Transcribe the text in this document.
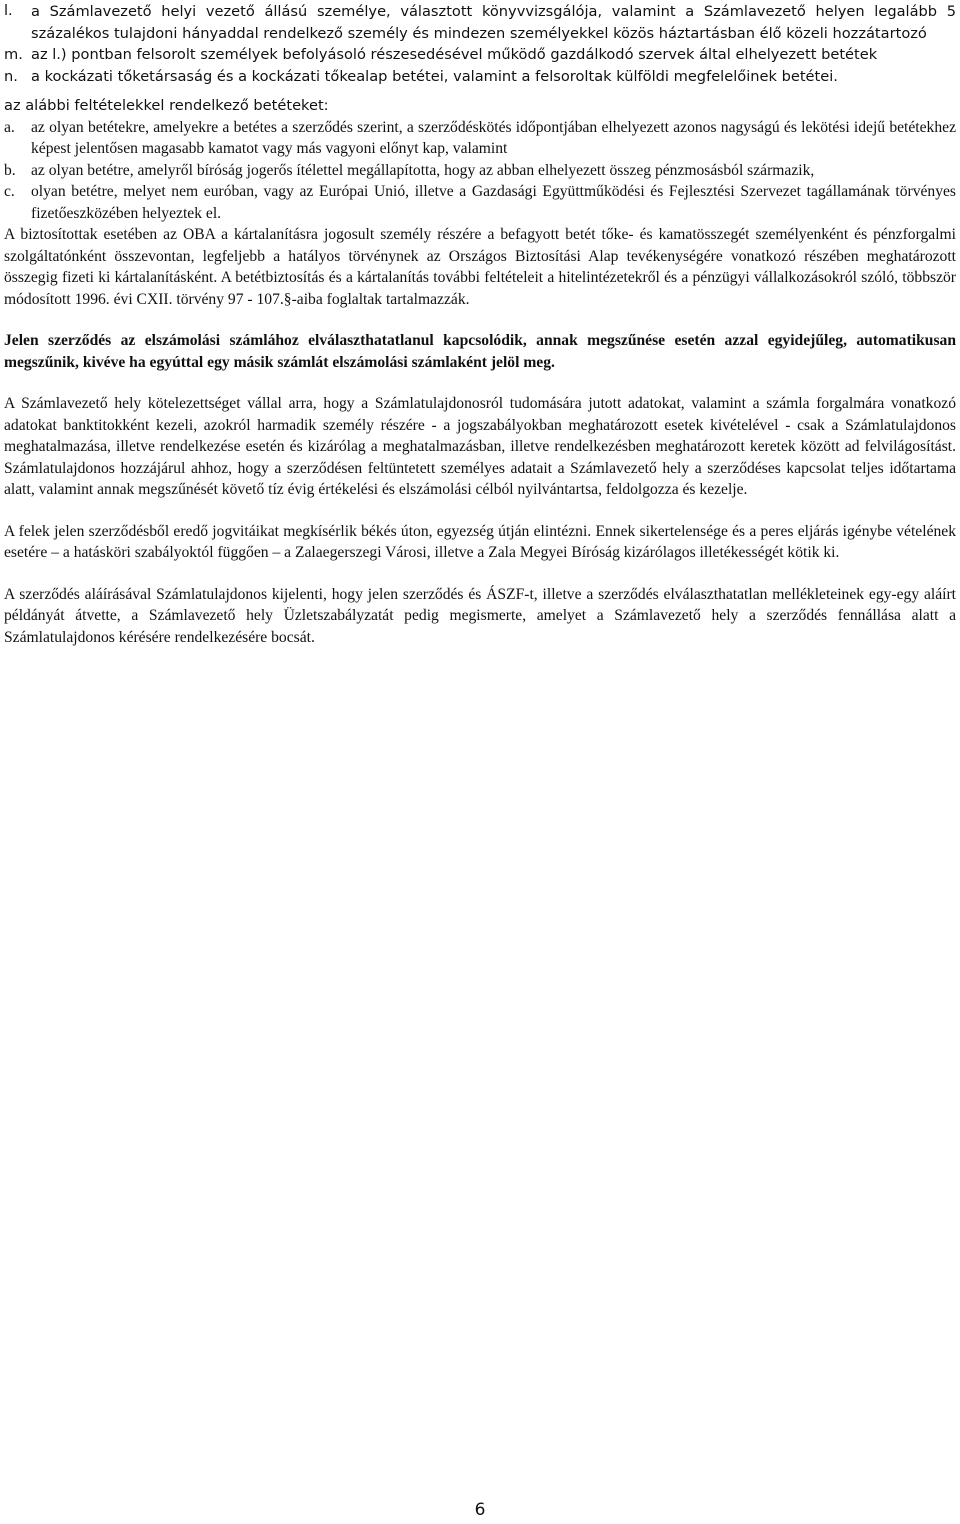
l. a Számlavezető helyi vezető állású személye, választott könyvvizsgálója, valamint a Számlavezető helyen legalább 5 százalékos tulajdoni hányaddal rendelkező személy és mindezen személyekkel közös háztartásban élő közeli hozzátartozó
m. az l.) pontban felsorolt személyek befolyásoló részesedésével működő gazdálkodó szervek által elhelyezett betétek
n. a kockázati tőketársaság és a kockázati tőkealap betétei, valamint a felsoroltak külföldi megfelelőinek betétei.
az alábbi feltételekkel rendelkező betéteket:
a. az olyan betétekre, amelyekre a betétes a szerződés szerint, a szerződéskötés időpontjában elhelyezett azonos nagyságú és lekötési idejű betétekhez képest jelentősen magasabb kamatot vagy más vagyoni előnyt kap, valamint
b. az olyan betétre, amelyről bíróság jogerős ítélettel megállapította, hogy az abban elhelyezett összeg pénzmosásból származik,
c. olyan betétre, melyet nem euróban, vagy az Európai Unió, illetve a Gazdasági Együttműködési és Fejlesztési Szervezet tagállamának törvényes fizetőeszközében helyeztek el.

A biztosítottak esetében az OBA a kártalanításra jogosult személy részére a befagyott betét tőke- és kamatösszegét személyenként és pénzforgalmi szolgáltatónként összevontan, legfeljebb a hatályos törvénynek az Országos Biztosítási Alap tevékenységére vonatkozó részében meghatározott összegig fizeti ki kártalanításként. A betétbiztosítás és a kártalanítás további feltételeit a hitelintézetekről és a pénzügyi vállalkozásokról szóló, többször módosított 1996. évi CXII. törvény 97 - 107.§-aiba foglaltak tartalmazzák.

Jelen szerződés az elszámolási számlához elválaszthatatlanul kapcsolódik, annak megszűnése esetén azzal egyidejűleg, automatikusan megszűnik, kivéve ha egyúttal egy másik számlát elszámolási számlaként jelöl meg.

A Számlavezető hely kötelezettséget vállal arra, hogy a Számlatulajdonosról tudomására jutott adatokat, valamint a számla forgalmára vonatkozó adatokat banktitokként kezeli, azokról harmadik személy részére - a jogszabályokban meghatározott esetek kivételével - csak a Számlatulajdonos meghatalmazása, illetve rendelkezése esetén és kizárólag a meghatalmazásban, illetve rendelkezésben meghatározott keretek között ad felvilágosítást. Számlatulajdonos hozzájárul ahhoz, hogy a szerződésen feltüntetett személyes adatait a Számlavezető hely a szerződéses kapcsolat teljes időtartama alatt, valamint annak megszűnését követő tíz évig értékelési és elszámolási célból nyilvántartsa, feldolgozza és kezelje.

A felek jelen szerződésből eredő jogvitáikat megkísérlik békés úton, egyezség útján elintézni. Ennek sikertelensége és a peres eljárás igénybe vételének esetére – a hatásköri szabályoktól függően – a Zalaegerszegi Városi, illetve a Zala Megyei Bíróság kizárólagos illetékességét kötik ki.

A szerződés aláírásával Számlatulajdonos kijelenti, hogy jelen szerződés és ÁSZF-t, illetve a szerződés elválaszthatatlan mellékleteinek egy-egy aláírt példányát átvette, a Számlavezető hely Üzletszabályzatát pedig megismerte, amelyet a Számlavezető hely a szerződés fennállása alatt a Számlatulajdonos kérésére rendelkezésére bocsát.

6
